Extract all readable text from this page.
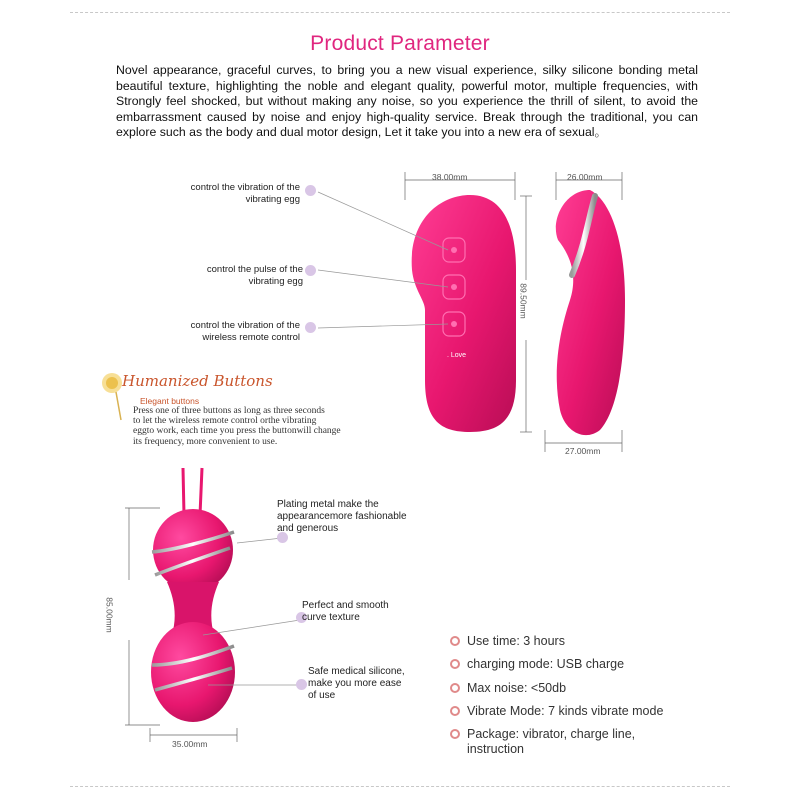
Product Parameter
Novel appearance, graceful curves, to bring you a new visual experience, silky silicone bonding metal beautiful texture, highlighting the noble and elegant quality, powerful motor, multiple frequencies, with Strongly feel shocked, but without making any noise, so you experience the thrill of silent, to avoid the embarrassment caused by noise and enjoy high-quality service. Break through the traditional, you can explore such as the body and dual motor design, Let it take you into a new era of sexual。
. Love
38.00mm
89.50mm
26.00mm
27.00mm
control the vibration of the
vibrating egg
control the pulse of the
vibrating egg
control the vibration of the
wireless remote control
Humanized Buttons
Elegant buttons
Press one of three buttons as long as three seconds
to let the wireless remote control orthe vibrating
eggto work, each time you press the buttonwill change
its frequency, more convenient to use.
85.00mm
35.00mm
Plating metal make the
appearancemore fashionable
and generous
Perfect and smooth
curve texture
Safe medical silicone,
make you more ease
of use
Use time: 3 hours
charging mode: USB charge
Max noise: <50db
Vibrate Mode: 7 kinds vibrate mode
Package: vibrator, charge line,
instruction
